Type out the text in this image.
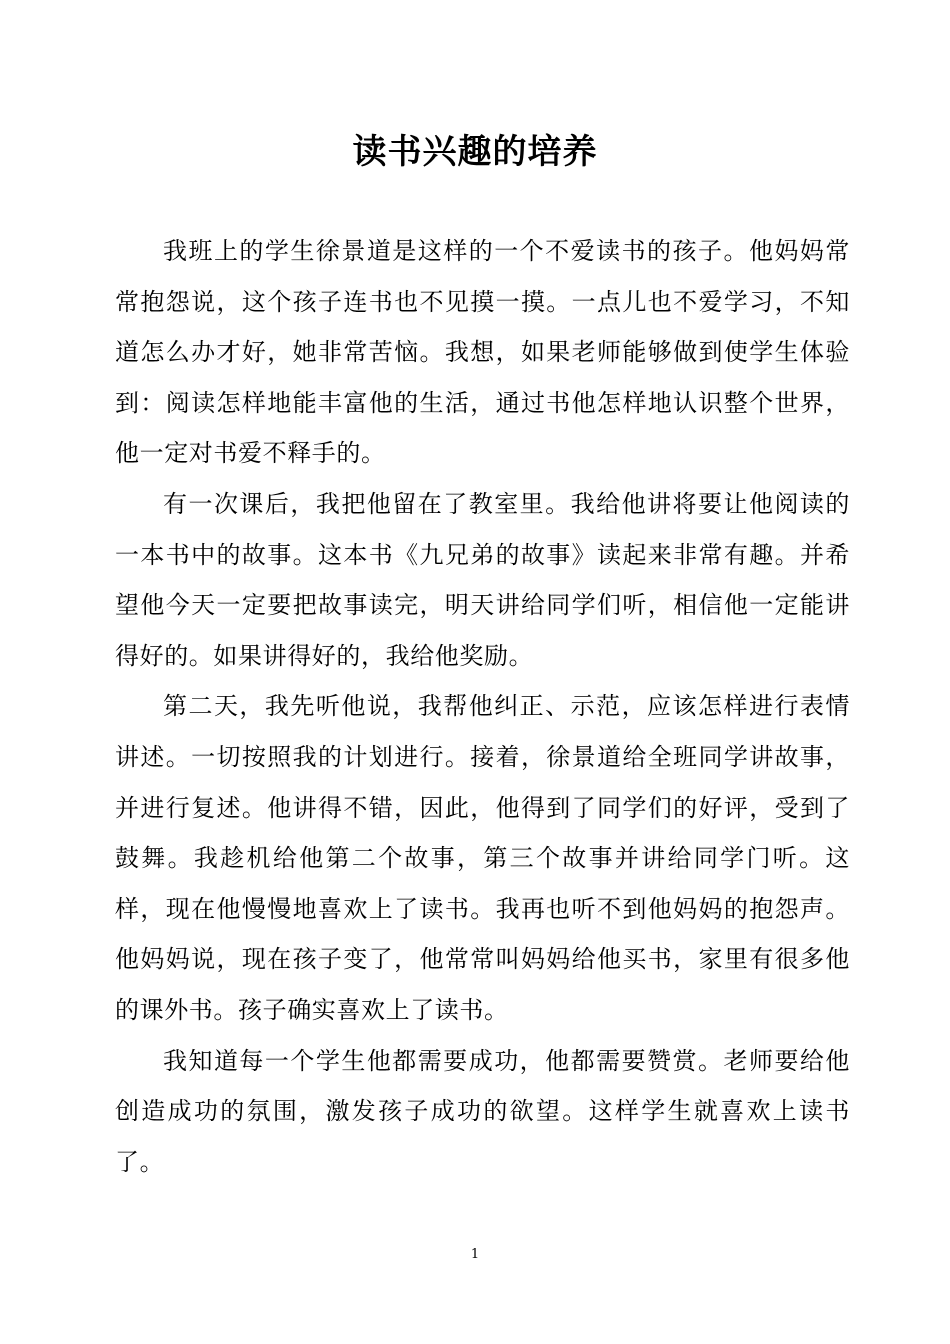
读书兴趣的培养

我班上的学生徐景道是这样的一个不爱读书的孩子。他妈妈常常抱怨说，这个孩子连书也不见摸一摸。一点儿也不爱学习，不知道怎么办才好，她非常苦恼。我想，如果老师能够做到使学生体验到：阅读怎样地能丰富他的生活，通过书他怎样地认识整个世界，他一定对书爱不释手的。

有一次课后，我把他留在了教室里。我给他讲将要让他阅读的一本书中的故事。这本书《九兄弟的故事》读起来非常有趣。并希望他今天一定要把故事读完，明天讲给同学们听，相信他一定能讲得好的。如果讲得好的，我给他奖励。

第二天，我先听他说，我帮他纠正、示范，应该怎样进行表情讲述。一切按照我的计划进行。接着，徐景道给全班同学讲故事，并进行复述。他讲得不错，因此，他得到了同学们的好评，受到了鼓舞。我趁机给他第二个故事，第三个故事并讲给同学门听。这样，现在他慢慢地喜欢上了读书。我再也听不到他妈妈的抱怨声。他妈妈说，现在孩子变了，他常常叫妈妈给他买书，家里有很多他的课外书。孩子确实喜欢上了读书。

我知道每一个学生他都需要成功，他都需要赞赏。老师要给他创造成功的氛围，激发孩子成功的欲望。这样学生就喜欢上读书了。

1
